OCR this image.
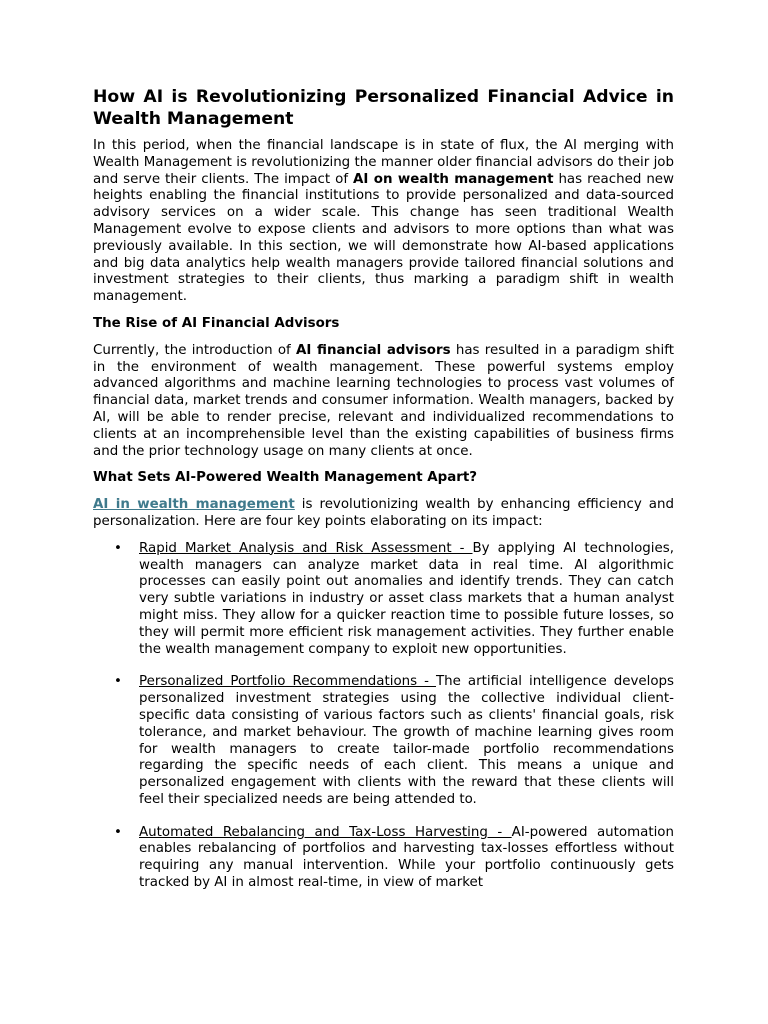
How AI is Revolutionizing Personalized Financial Advice in Wealth Management

In this period, when the financial landscape is in state of flux, the AI merging with Wealth Management is revolutionizing the manner older financial advisors do their job and serve their clients. The impact of AI on wealth management has reached new heights enabling the financial institutions to provide personalized and data-sourced advisory services on a wider scale. This change has seen traditional Wealth Management evolve to expose clients and advisors to more options than what was previously available. In this section, we will demonstrate how AI-based applications and big data analytics help wealth managers provide tailored financial solutions and investment strategies to their clients, thus marking a paradigm shift in wealth management.

The Rise of AI Financial Advisors

Currently, the introduction of AI financial advisors has resulted in a paradigm shift in the environment of wealth management. These powerful systems employ advanced algorithms and machine learning technologies to process vast volumes of financial data, market trends and consumer information. Wealth managers, backed by AI, will be able to render precise, relevant and individualized recommendations to clients at an incomprehensible level than the existing capabilities of business firms and the prior technology usage on many clients at once.

What Sets AI-Powered Wealth Management Apart?

AI in wealth management is revolutionizing wealth by enhancing efficiency and personalization. Here are four key points elaborating on its impact:

• Rapid Market Analysis and Risk Assessment - By applying AI technologies, wealth managers can analyze market data in real time. AI algorithmic processes can easily point out anomalies and identify trends. They can catch very subtle variations in industry or asset class markets that a human analyst might miss. They allow for a quicker reaction time to possible future losses, so they will permit more efficient risk management activities. They further enable the wealth management company to exploit new opportunities.
• Personalized Portfolio Recommendations - The artificial intelligence develops personalized investment strategies using the collective individual client-specific data consisting of various factors such as clients' financial goals, risk tolerance, and market behaviour. The growth of machine learning gives room for wealth managers to create tailor-made portfolio recommendations regarding the specific needs of each client. This means a unique and personalized engagement with clients with the reward that these clients will feel their specialized needs are being attended to.
• Automated Rebalancing and Tax-Loss Harvesting - AI-powered automation enables rebalancing of portfolios and harvesting tax-losses effortless without requiring any manual intervention. While your portfolio continuously gets tracked by AI in almost real-time, in view of market
